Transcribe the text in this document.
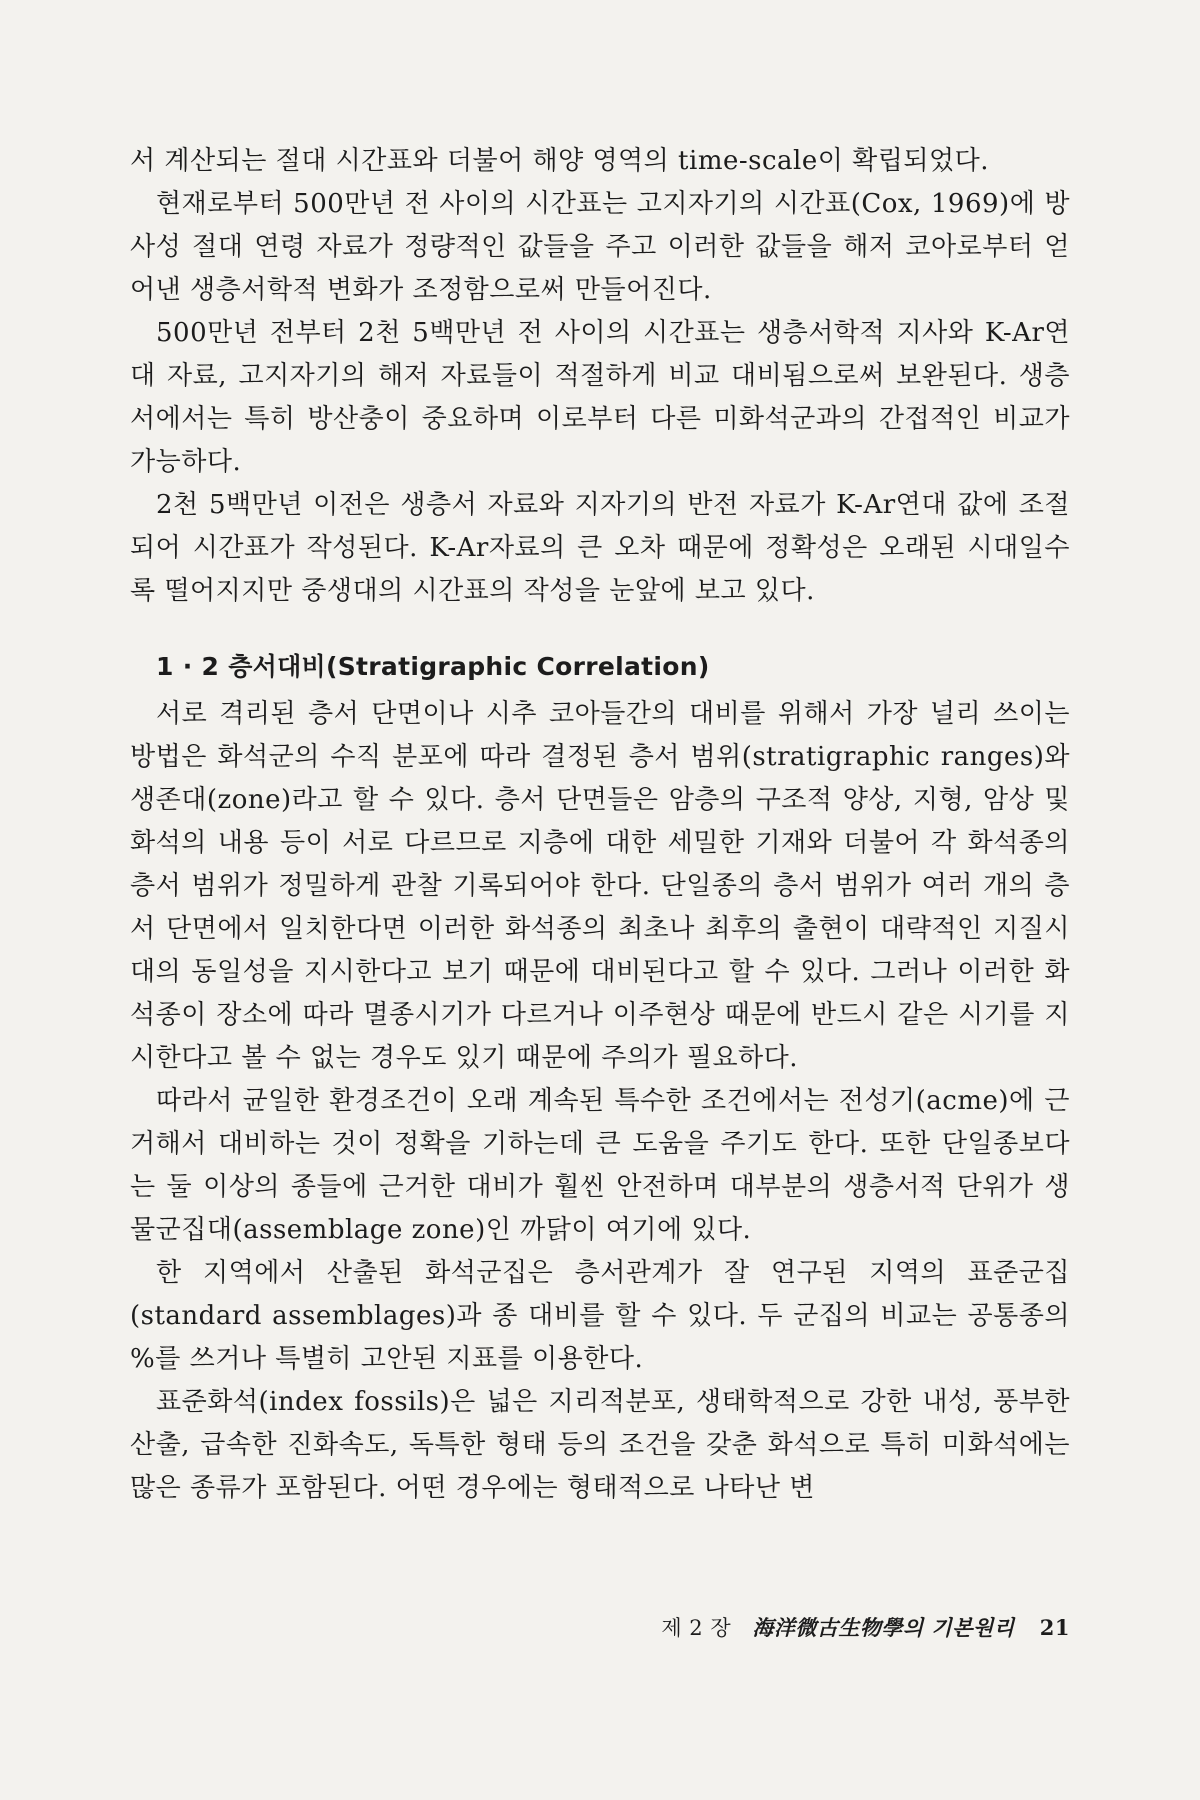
서 계산되는 절대 시간표와 더불어 해양 영역의 time-scale이 확립되었다.

현재로부터 500만년 전 사이의 시간표는 고지자기의 시간표(Cox, 1969)에 방사성 절대 연령 자료가 정량적인 값들을 주고 이러한 값들을 해저 코아로부터 얻어낸 생층서학적 변화가 조정함으로써 만들어진다.

500만년 전부터 2천 5백만년 전 사이의 시간표는 생층서학적 지사와 K-Ar연대 자료, 고지자기의 해저 자료들이 적절하게 비교 대비됨으로써 보완된다. 생층서에서는 특히 방산충이 중요하며 이로부터 다른 미화석군과의 간접적인 비교가 가능하다.

2천 5백만년 이전은 생층서 자료와 지자기의 반전 자료가 K-Ar연대 값에 조절되어 시간표가 작성된다. K-Ar자료의 큰 오차 때문에 정확성은 오래된 시대일수록 떨어지지만 중생대의 시간표의 작성을 눈앞에 보고 있다.

1 · 2 층서대비(Stratigraphic Correlation)

서로 격리된 층서 단면이나 시추 코아들간의 대비를 위해서 가장 널리 쓰이는 방법은 화석군의 수직 분포에 따라 결정된 층서 범위(stratigraphic ranges)와 생존대(zone)라고 할 수 있다. 층서 단면들은 암층의 구조적 양상, 지형, 암상 및 화석의 내용 등이 서로 다르므로 지층에 대한 세밀한 기재와 더불어 각 화석종의 층서 범위가 정밀하게 관찰 기록되어야 한다. 단일종의 층서 범위가 여러 개의 층서 단면에서 일치한다면 이러한 화석종의 최초나 최후의 출현이 대략적인 지질시대의 동일성을 지시한다고 보기 때문에 대비된다고 할 수 있다. 그러나 이러한 화석종이 장소에 따라 멸종시기가 다르거나 이주현상 때문에 반드시 같은 시기를 지시한다고 볼 수 없는 경우도 있기 때문에 주의가 필요하다.

따라서 균일한 환경조건이 오래 계속된 특수한 조건에서는 전성기(acme)에 근거해서 대비하는 것이 정확을 기하는데 큰 도움을 주기도 한다. 또한 단일종보다는 둘 이상의 종들에 근거한 대비가 훨씬 안전하며 대부분의 생층서적 단위가 생물군집대(assemblage zone)인 까닭이 여기에 있다.

한 지역에서 산출된 화석군집은 층서관계가 잘 연구된 지역의 표준군집(standard assemblages)과 종 대비를 할 수 있다. 두 군집의 비교는 공통종의 %를 쓰거나 특별히 고안된 지표를 이용한다.

표준화석(index fossils)은 넓은 지리적분포, 생태학적으로 강한 내성, 풍부한 산출, 급속한 진화속도, 독특한 형태 등의 조건을 갖춘 화석으로 특히 미화석에는 많은 종류가 포함된다. 어떤 경우에는 형태적으로 나타난 변

제 2 장 海洋微古生物學의 기본원리 21
